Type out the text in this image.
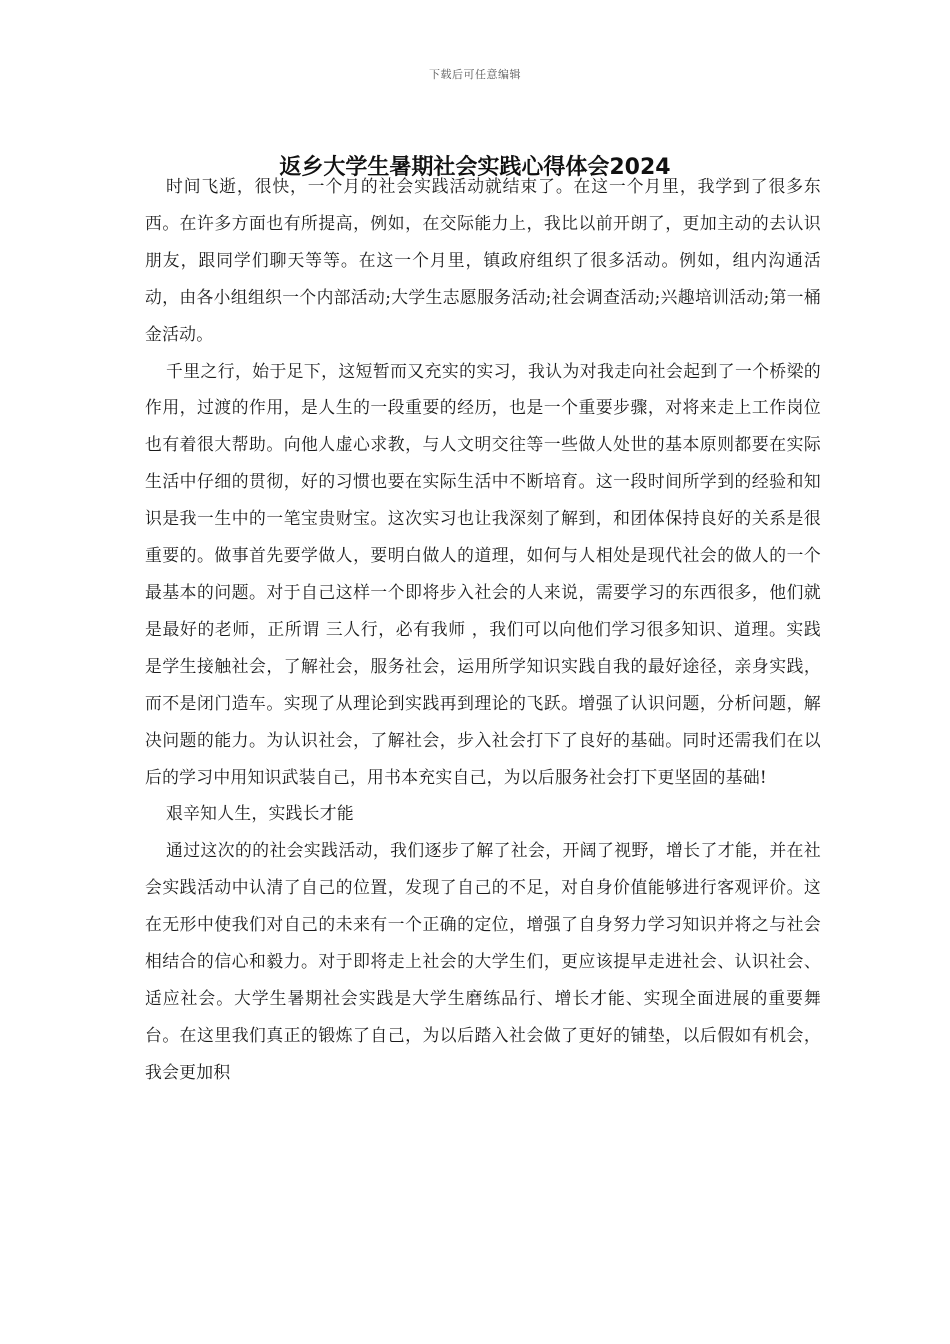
下载后可任意编辑
返乡大学生暑期社会实践心得体会2024

时间飞逝，很快，一个月的社会实践活动就结束了。在这一个月里，我学到了很多东西。在许多方面也有所提高，例如，在交际能力上，我比以前开朗了，更加主动的去认识朋友，跟同学们聊天等等。在这一个月里，镇政府组织了很多活动。例如，组内沟通活动，由各小组组织一个内部活动;大学生志愿服务活动;社会调查活动;兴趣培训活动;第一桶金活动。

千里之行，始于足下，这短暂而又充实的实习，我认为对我走向社会起到了一个桥梁的作用，过渡的作用，是人生的一段重要的经历，也是一个重要步骤，对将来走上工作岗位也有着很大帮助。向他人虚心求教，与人文明交往等一些做人处世的基本原则都要在实际生活中仔细的贯彻，好的习惯也要在实际生活中不断培育。这一段时间所学到的经验和知识是我一生中的一笔宝贵财宝。这次实习也让我深刻了解到，和团体保持良好的关系是很重要的。做事首先要学做人，要明白做人的道理，如何与人相处是现代社会的做人的一个最基本的问题。对于自己这样一个即将步入社会的人来说，需要学习的东西很多，他们就是最好的老师，正所谓 三人行，必有我师 ，我们可以向他们学习很多知识、道理。实践是学生接触社会，了解社会，服务社会，运用所学知识实践自我的最好途径，亲身实践，而不是闭门造车。实现了从理论到实践再到理论的飞跃。增强了认识问题，分析问题，解决问题的能力。为认识社会，了解社会，步入社会打下了良好的基础。同时还需我们在以后的学习中用知识武装自己，用书本充实自己，为以后服务社会打下更坚固的基础!

艰辛知人生，实践长才能

通过这次的的社会实践活动，我们逐步了解了社会，开阔了视野，增长了才能，并在社会实践活动中认清了自己的位置，发现了自己的不足，对自身价值能够进行客观评价。这在无形中使我们对自己的未来有一个正确的定位，增强了自身努力学习知识并将之与社会相结合的信心和毅力。对于即将走上社会的大学生们，更应该提早走进社会、认识社会、适应社会。大学生暑期社会实践是大学生磨练品行、增长才能、实现全面进展的重要舞台。在这里我们真正的锻炼了自己，为以后踏入社会做了更好的铺垫，以后假如有机会，我会更加积
